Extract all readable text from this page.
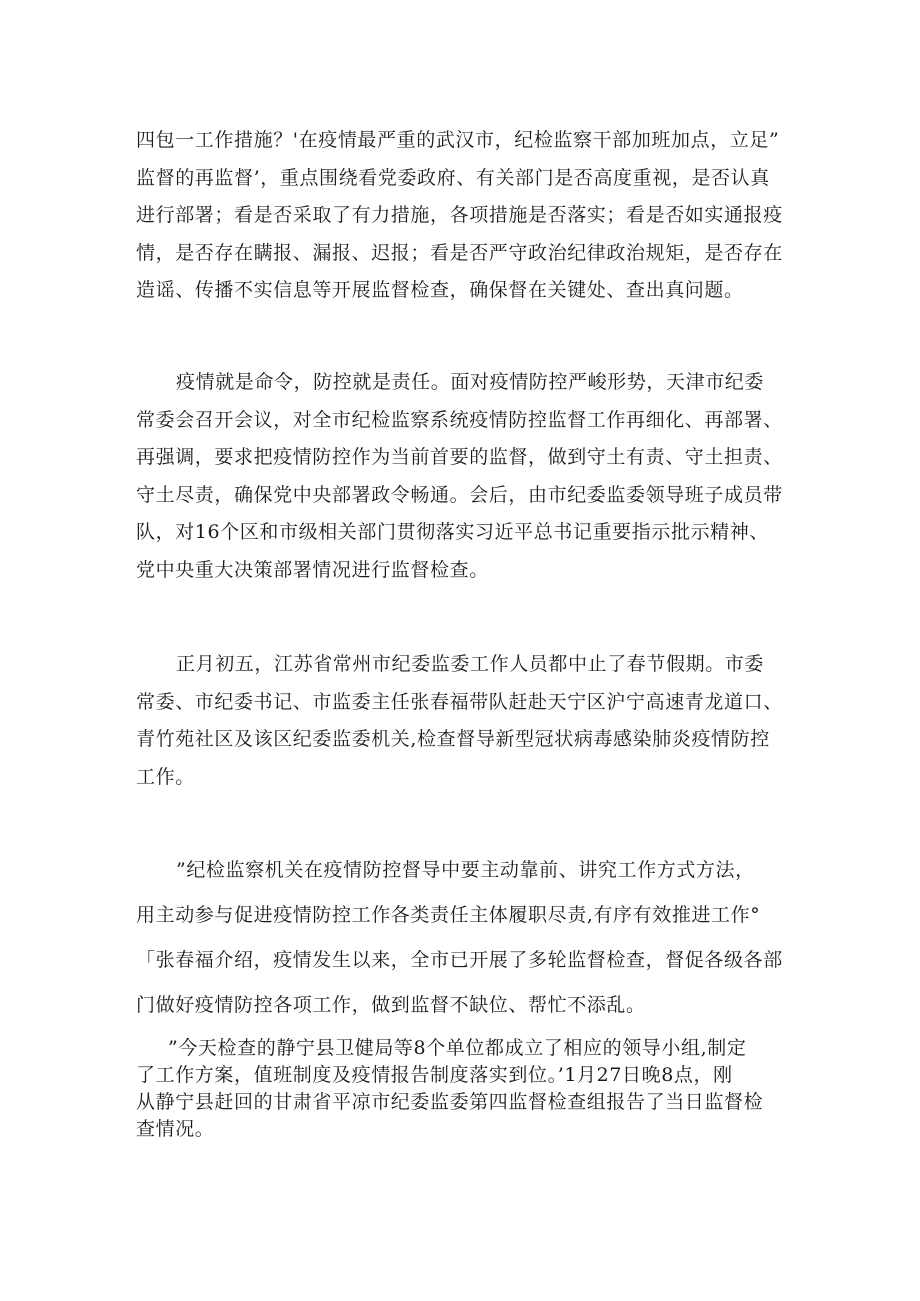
四包一工作措施？'在疫情最严重的武汉市，纪检监察干部加班加点，立足”
监督的再监督’，重点围绕看党委政府、有关部门是否高度重视，是否认真
进行部署；看是否采取了有力措施，各项措施是否落实；看是否如实通报疫
情，是否存在瞒报、漏报、迟报；看是否严守政治纪律政治规矩，是否存在
造谣、传播不实信息等开展监督检查，确保督在关键处、查出真问题。

疫情就是命令，防控就是责任。面对疫情防控严峻形势，天津市纪委
常委会召开会议，对全市纪检监察系统疫情防控监督工作再细化、再部署、
再强调，要求把疫情防控作为当前首要的监督，做到守土有责、守土担责、
守土尽责，确保党中央部署政令畅通。会后，由市纪委监委领导班子成员带
队，对16个区和市级相关部门贯彻落实习近平总书记重要指示批示精神、
党中央重大决策部署情况进行监督检查。

正月初五，江苏省常州市纪委监委工作人员都中止了春节假期。市委
常委、市纪委书记、市监委主任张春福带队赶赴天宁区沪宁高速青龙道口、
青竹苑社区及该区纪委监委机关,检查督导新型冠状病毒感染肺炎疫情防控
工作。

”纪检监察机关在疫情防控督导中要主动靠前、讲究工作方式方法，
用主动参与促进疫情防控工作各类责任主体履职尽责,有序有效推进工作°
「张春福介绍，疫情发生以来，全市已开展了多轮监督检查，督促各级各部
门做好疫情防控各项工作，做到监督不缺位、帮忙不添乱。

”今天检查的静宁县卫健局等8个单位都成立了相应的领导小组,制定
了工作方案，值班制度及疫情报告制度落实到位。’1月27日晚8点，刚
从静宁县赶回的甘肃省平凉市纪委监委第四监督检查组报告了当日监督检
查情况。
